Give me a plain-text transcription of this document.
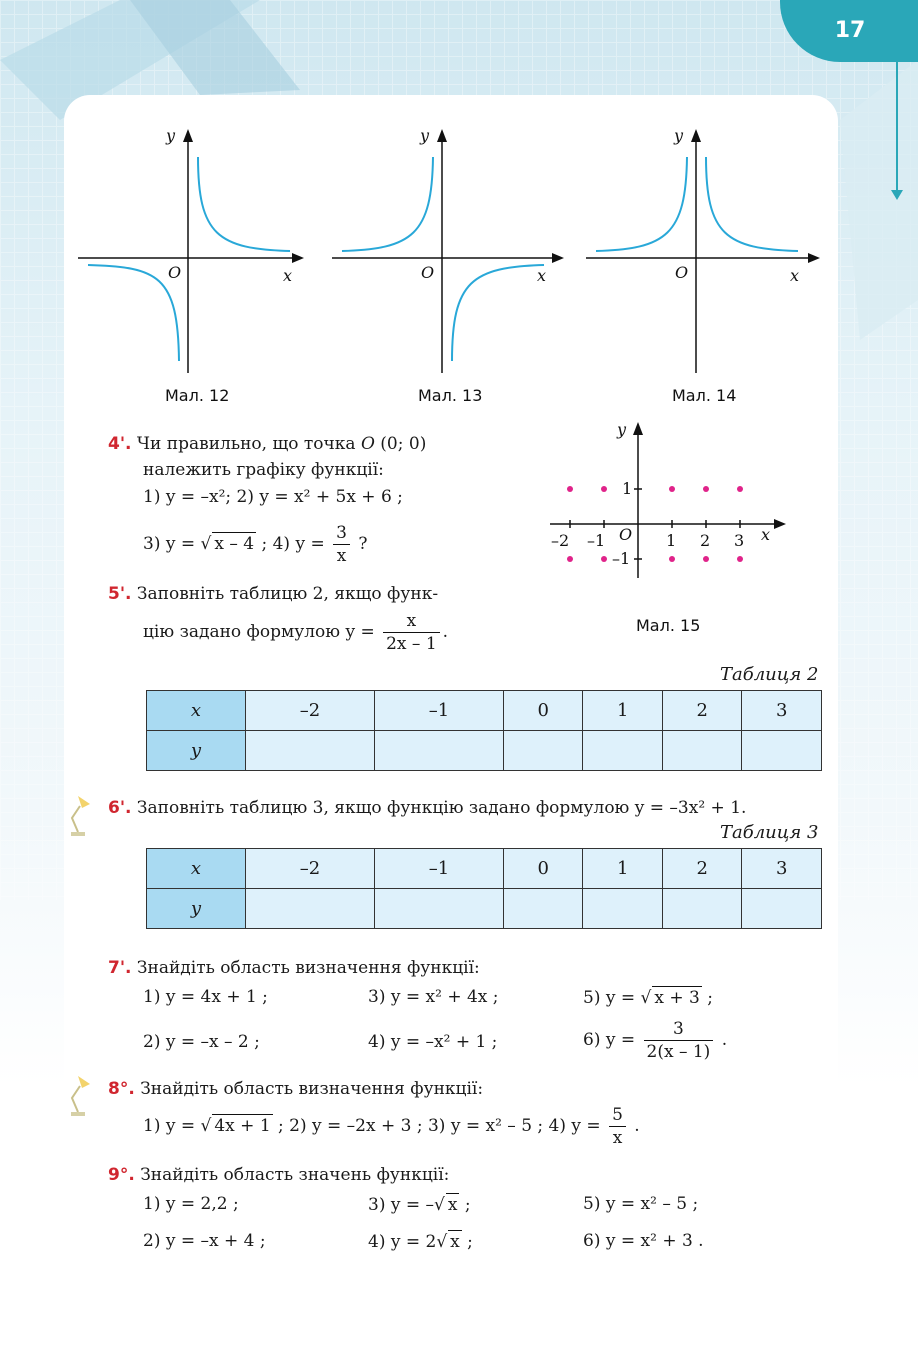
17
y
O	x
Мал. 12
y
O	x
Мал. 13
y
O	x
Мал. 14
y
O	x
1
–1
–2 –1	1 2 3
Мал. 15
4'. Чи правильно, що точка O (0; 0)
належить графіку функції:
1) y = –x²; 2) y = x² + 5x + 6 ;
3) y = √ x – 4 ; 4) $y = \frac{3}{x}$ ?
5'. Заповніть таблицю 2, якщо функ-
цію задано формулою $y = \frac{x}{2x - 1}$ .
Таблиця 2
x	–2	–1	0	1	2	3
y						
6'. Заповніть таблицю 3, якщо функцію задано формулою y = –3x² + 1.
Таблиця 3
x	–2	–1	0	1	2	3
y						
7'. Знайдіть область визначення функції:
1) y = 4x + 1 ;	3) y = x² + 4x ;	5) y = √ x + 3 ;
2) y = –x – 2 ;	4) y = –x² + 1 ;	6) $y = \frac{3}{2(x - 1)}$ .
8°. Знайдіть область визначення функції:
1) y = √ 4x + 1 ; 2) y = –2x + 3 ; 3) y = x² – 5 ; 4) $y = \frac{5}{x}$ .
9°. Знайдіть область значень функції:
1) y = 2,2 ;	3) y = –√ x ;	5) y = x² – 5 ;
2) y = –x + 4 ;	4) y = 2√ x ;	6) y = x² + 3 .
